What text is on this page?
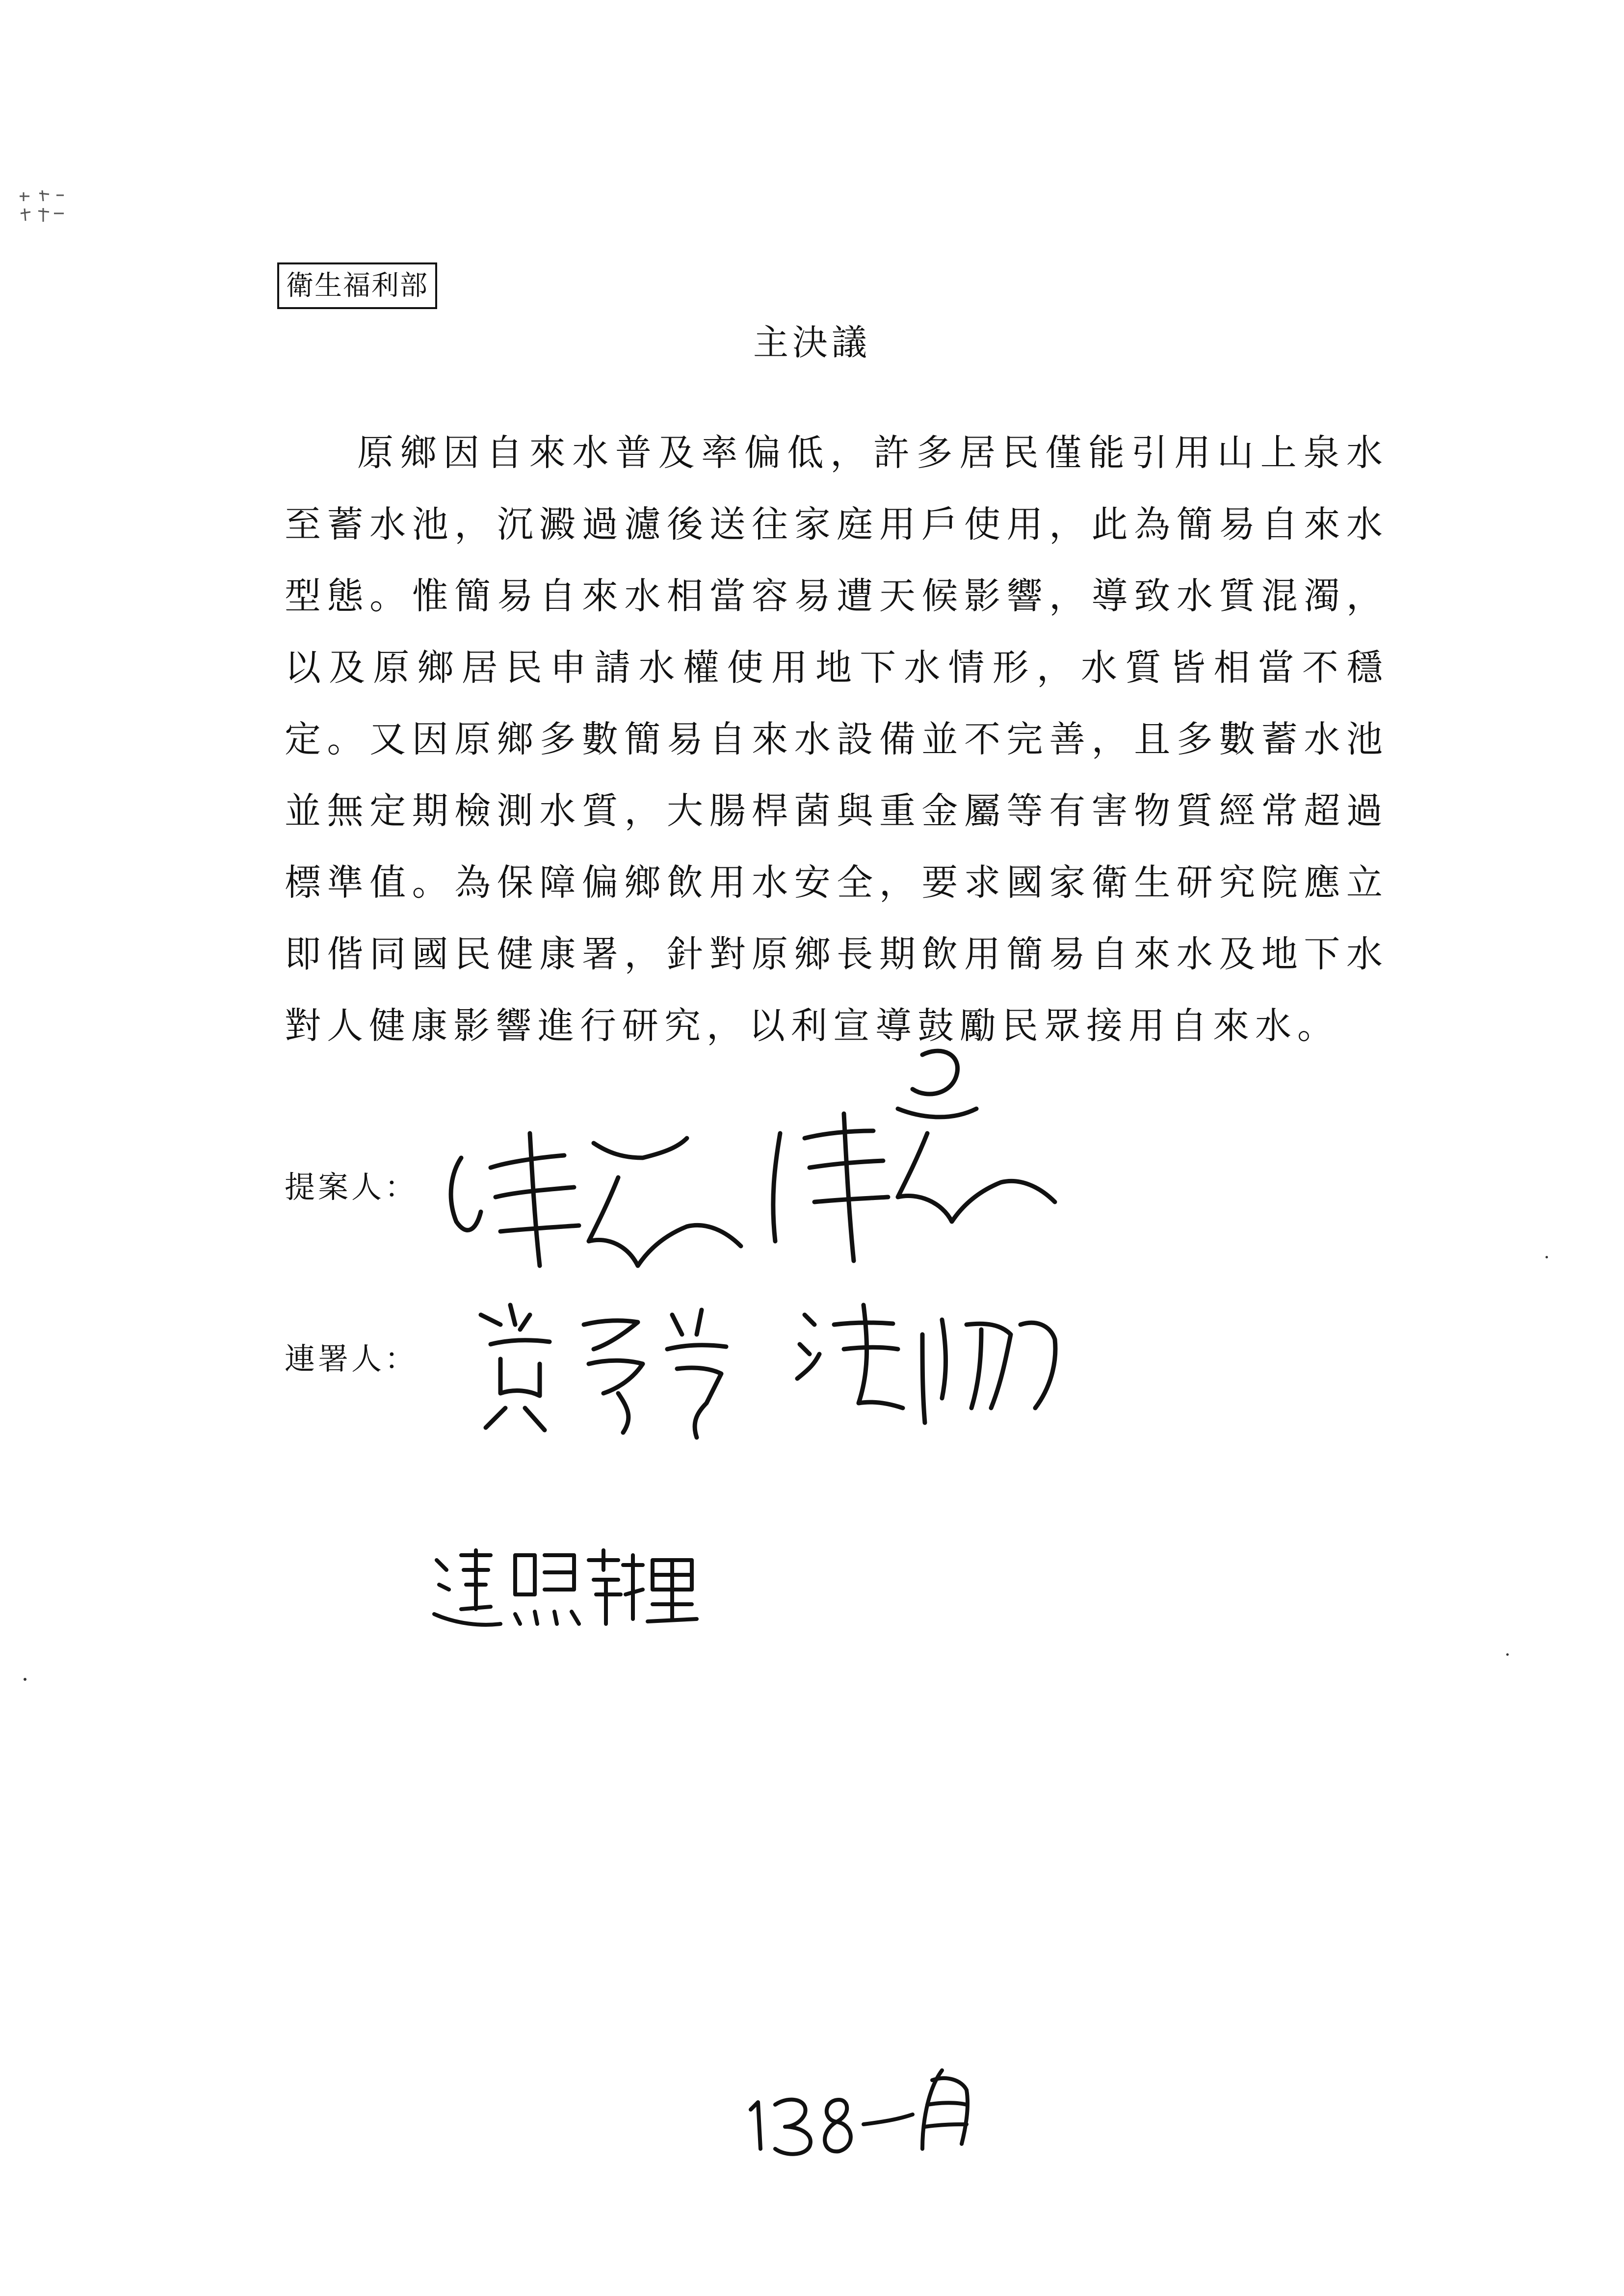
衛生福利部
主決議

原鄉因自來水普及率偏低，許多居民僅能引用山上泉水至蓄水池，沉澱過濾後送往家庭用戶使用，此為簡易自來水型態。惟簡易自來水相當容易遭天候影響，導致水質混濁，以及原鄉居民申請水權使用地下水情形，水質皆相當不穩定。又因原鄉多數簡易自來水設備並不完善，且多數蓄水池並無定期檢測水質，大腸桿菌與重金屬等有害物質經常超過標準值。為保障偏鄉飲用水安全，要求國家衛生研究院應立即偕同國民健康署，針對原鄉長期飲用簡易自來水及地下水對人健康影響進行研究，以利宣導鼓勵民眾接用自來水。

提案人：
連署人：
